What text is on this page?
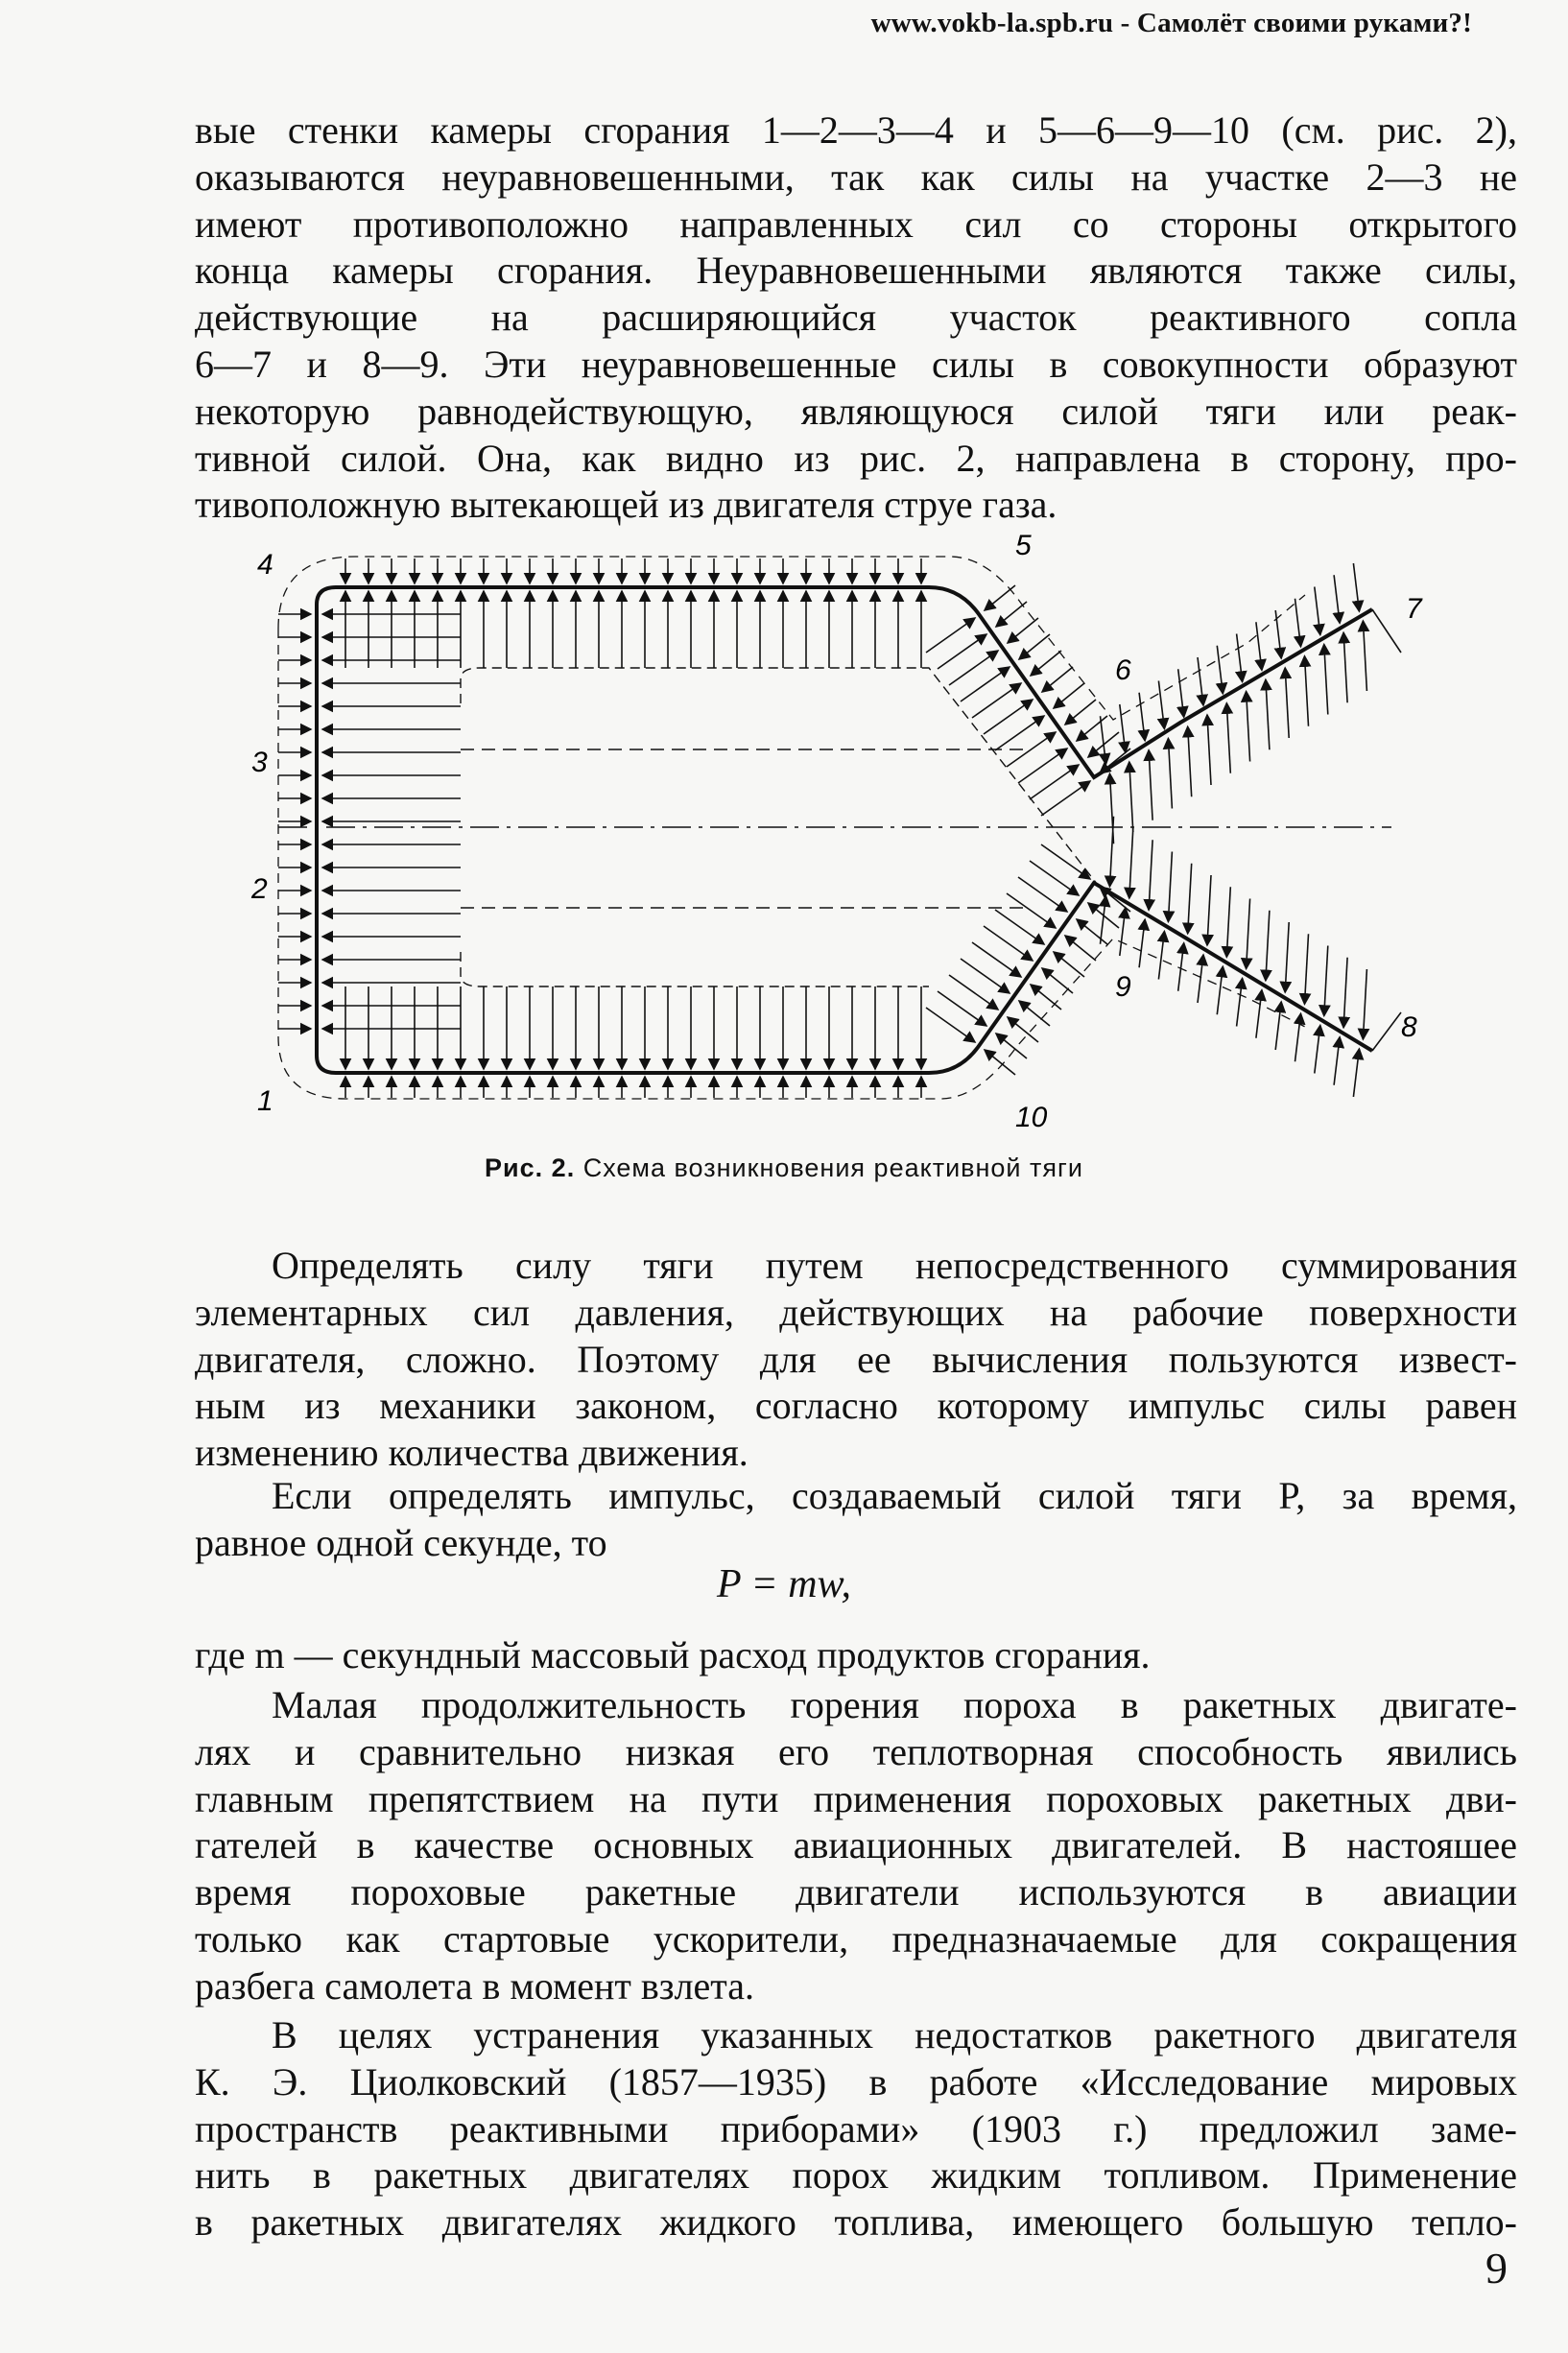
www.vokb-la.spb.ru - Самолёт своими руками?!
вые стенки камеры сгорания 1—2—3—4 и 5—6—9—10 (см. рис. 2),
оказываются неуравновешенными, так как силы на участке 2—3 не
имеют противоположно направленных сил со стороны открытого
конца камеры сгорания. Неуравновешенными являются также силы,
действующие на расширяющийся участок реактивного сопла
6—7 и 8—9. Эти неуравновешенные силы в совокупности образуют
некоторую равнодействующую, являющуюся силой тяги или реак-
тивной силой. Она, как видно из рис. 2, направлена в сторону, про-
тивоположную вытекающей из двигателя струе газа.
1
2
3
4
5
6
7
8
9
10
Рис. 2. Схема возникновения реактивной тяги
Определять силу тяги путем непосредственного суммирования
элементарных сил давления, действующих на рабочие поверхности
двигателя, сложно. Поэтому для ее вычисления пользуются извест-
ным из механики законом, согласно которому импульс силы равен
изменению количества движения.
Если определять импульс, создаваемый силой тяги P, за время,
равное одной секунде, то
P = mw,
где m — секундный массовый расход продуктов сгорания.
Малая продолжительность горения пороха в ракетных двигате-
лях и сравнительно низкая его теплотворная способность явились
главным препятствием на пути применения пороховых ракетных дви-
гателей в качестве основных авиационных двигателей. В настояшее
время пороховые ракетные двигатели используются в авиации
только как стартовые ускорители, предназначаемые для сокращения
разбега самолета в момент взлета.
В целях устранения указанных недостатков ракетного двигателя
К. Э. Циолковский (1857—1935) в работе «Исследование мировых
пространств реактивными приборами» (1903 г.) предложил заме-
нить в ракетных двигателях порох жидким топливом. Применение
в ракетных двигателях жидкого топлива, имеющего большую тепло-
9
